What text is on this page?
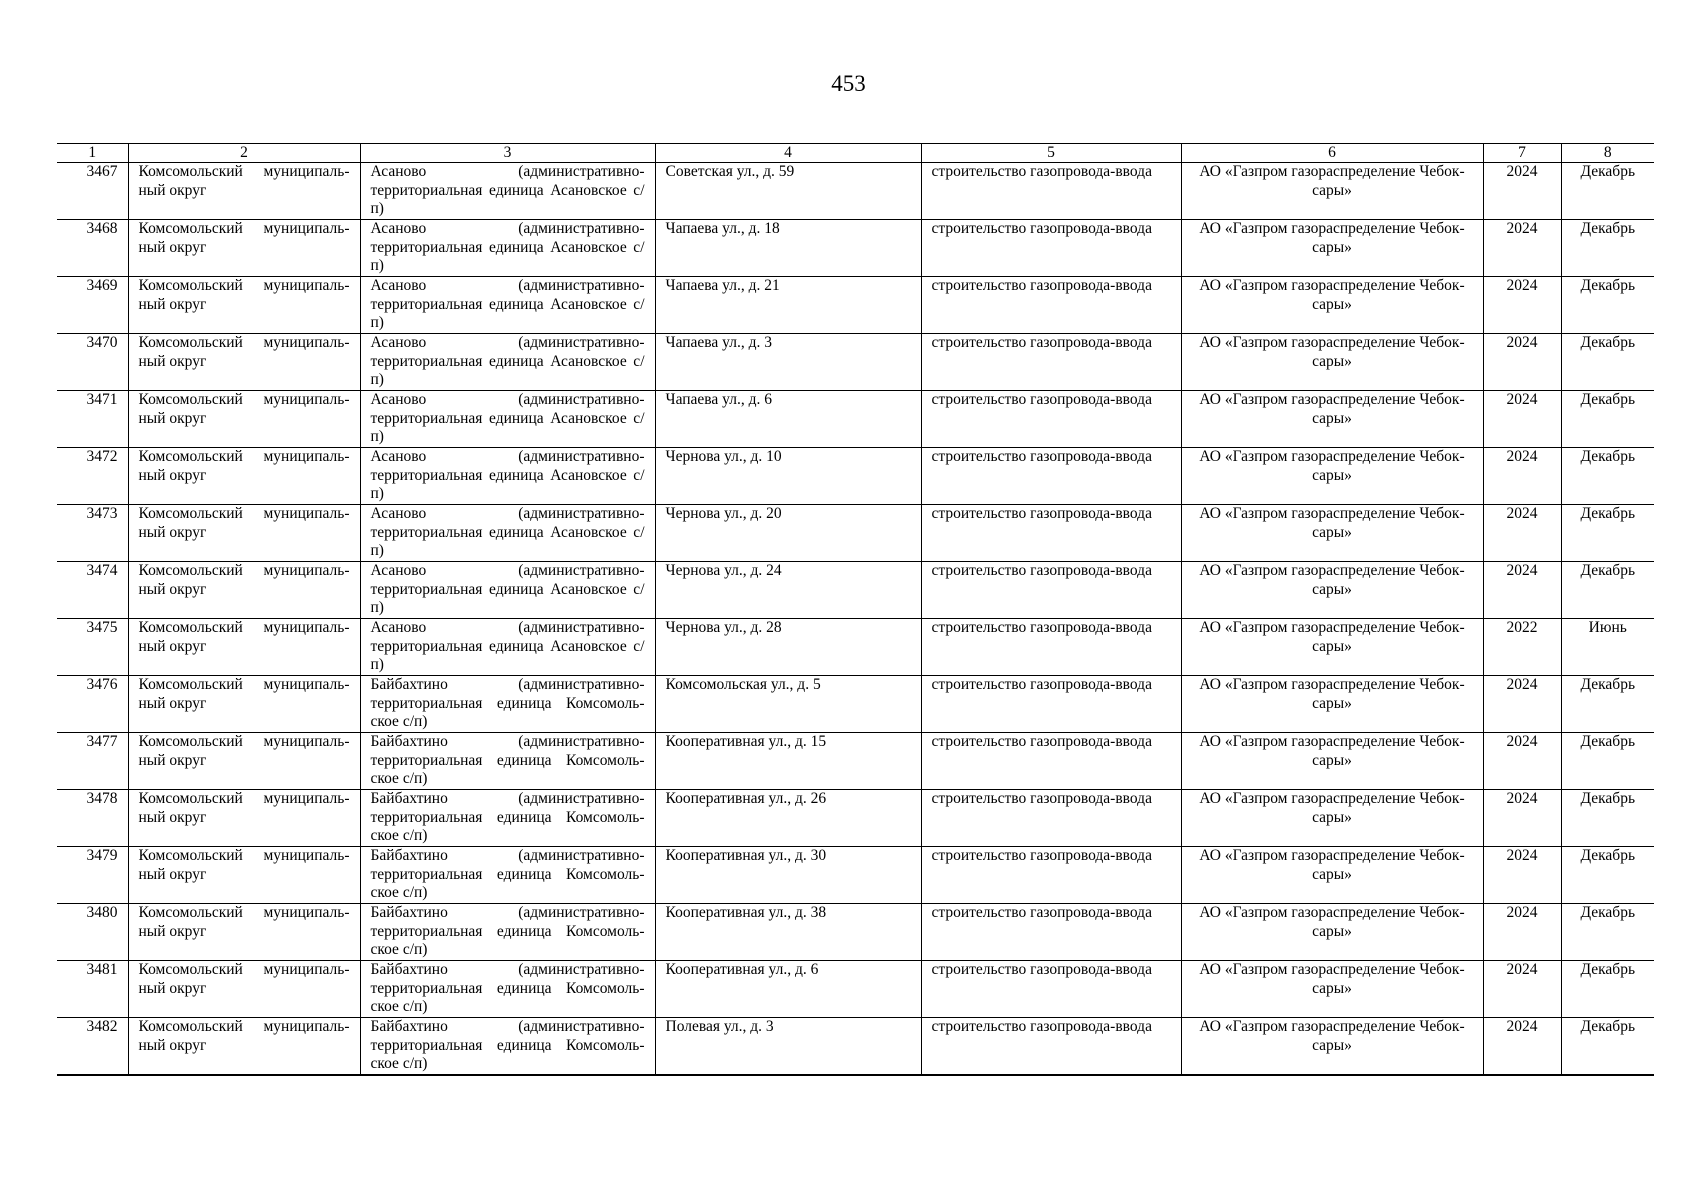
453
1	2	3	4	5	6	7	8
3467	Комсомольский муниципаль-ный округ	Асаново (административно-территориальная единица Асановское с/п)	Советская ул., д. 59	строительство газопровода-ввода	АО «Газпром газораспределение Чебок-сары»	2024	Декабрь
3468	Комсомольский муниципаль-ный округ	Асаново (административно-территориальная единица Асановское с/п)	Чапаева ул., д. 18	строительство газопровода-ввода	АО «Газпром газораспределение Чебок-сары»	2024	Декабрь
3469	Комсомольский муниципаль-ный округ	Асаново (административно-территориальная единица Асановское с/п)	Чапаева ул., д. 21	строительство газопровода-ввода	АО «Газпром газораспределение Чебок-сары»	2024	Декабрь
3470	Комсомольский муниципаль-ный округ	Асаново (административно-территориальная единица Асановское с/п)	Чапаева ул., д. 3	строительство газопровода-ввода	АО «Газпром газораспределение Чебок-сары»	2024	Декабрь
3471	Комсомольский муниципаль-ный округ	Асаново (административно-территориальная единица Асановское с/п)	Чапаева ул., д. 6	строительство газопровода-ввода	АО «Газпром газораспределение Чебок-сары»	2024	Декабрь
3472	Комсомольский муниципаль-ный округ	Асаново (административно-территориальная единица Асановское с/п)	Чернова ул., д. 10	строительство газопровода-ввода	АО «Газпром газораспределение Чебок-сары»	2024	Декабрь
3473	Комсомольский муниципаль-ный округ	Асаново (административно-территориальная единица Асановское с/п)	Чернова ул., д. 20	строительство газопровода-ввода	АО «Газпром газораспределение Чебок-сары»	2024	Декабрь
3474	Комсомольский муниципаль-ный округ	Асаново (административно-территориальная единица Асановское с/п)	Чернова ул., д. 24	строительство газопровода-ввода	АО «Газпром газораспределение Чебок-сары»	2024	Декабрь
3475	Комсомольский муниципаль-ный округ	Асаново (административно-территориальная единица Асановское с/п)	Чернова ул., д. 28	строительство газопровода-ввода	АО «Газпром газораспределение Чебок-сары»	2022	Июнь
3476	Комсомольский муниципаль-ный округ	Байбахтино (административно-территориальная единица Комсомоль-ское с/п)	Комсомольская ул., д. 5	строительство газопровода-ввода	АО «Газпром газораспределение Чебок-сары»	2024	Декабрь
3477	Комсомольский муниципаль-ный округ	Байбахтино (административно-территориальная единица Комсомоль-ское с/п)	Кооперативная ул., д. 15	строительство газопровода-ввода	АО «Газпром газораспределение Чебок-сары»	2024	Декабрь
3478	Комсомольский муниципаль-ный округ	Байбахтино (административно-территориальная единица Комсомоль-ское с/п)	Кооперативная ул., д. 26	строительство газопровода-ввода	АО «Газпром газораспределение Чебок-сары»	2024	Декабрь
3479	Комсомольский муниципаль-ный округ	Байбахтино (административно-территориальная единица Комсомоль-ское с/п)	Кооперативная ул., д. 30	строительство газопровода-ввода	АО «Газпром газораспределение Чебок-сары»	2024	Декабрь
3480	Комсомольский муниципаль-ный округ	Байбахтино (административно-территориальная единица Комсомоль-ское с/п)	Кооперативная ул., д. 38	строительство газопровода-ввода	АО «Газпром газораспределение Чебок-сары»	2024	Декабрь
3481	Комсомольский муниципаль-ный округ	Байбахтино (административно-территориальная единица Комсомоль-ское с/п)	Кооперативная ул., д. 6	строительство газопровода-ввода	АО «Газпром газораспределение Чебок-сары»	2024	Декабрь
3482	Комсомольский муниципаль-ный округ	Байбахтино (административно-территориальная единица Комсомоль-ское с/п)	Полевая ул., д. 3	строительство газопровода-ввода	АО «Газпром газораспределение Чебок-сары»	2024	Декабрь
